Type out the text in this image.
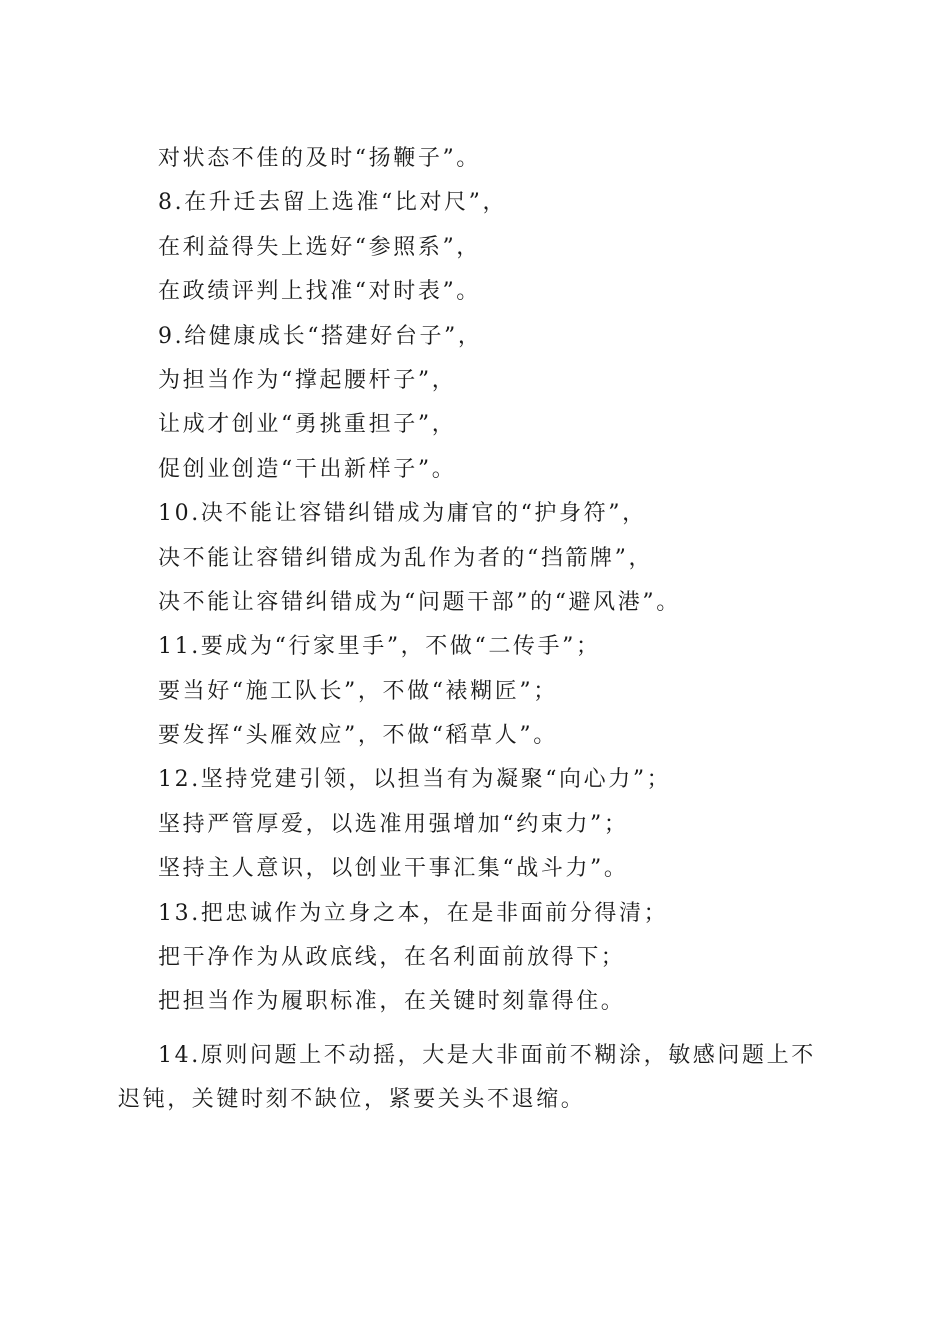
对状态不佳的及时“扬鞭子”。
8.在升迁去留上选准“比对尺”，
在利益得失上选好“参照系”，
在政绩评判上找准“对时表”。
9.给健康成长“搭建好台子”，
为担当作为“撑起腰杆子”，
让成才创业“勇挑重担子”，
促创业创造“干出新样子”。
10.决不能让容错纠错成为庸官的“护身符”，
决不能让容错纠错成为乱作为者的“挡箭牌”，
决不能让容错纠错成为“问题干部”的“避风港”。
11.要成为“行家里手”，不做“二传手”；
要当好“施工队长”，不做“裱糊匠”；
要发挥“头雁效应”，不做“稻草人”。
12.坚持党建引领，以担当有为凝聚“向心力”；
坚持严管厚爱，以选准用强增加“约束力”；
坚持主人意识，以创业干事汇集“战斗力”。
13.把忠诚作为立身之本，在是非面前分得清；
把干净作为从政底线，在名利面前放得下；
把担当作为履职标准，在关键时刻靠得住。

14.原则问题上不动摇，大是大非面前不糊涂，敏感问题上不迟钝，关键时刻不缺位，紧要关头不退缩。
